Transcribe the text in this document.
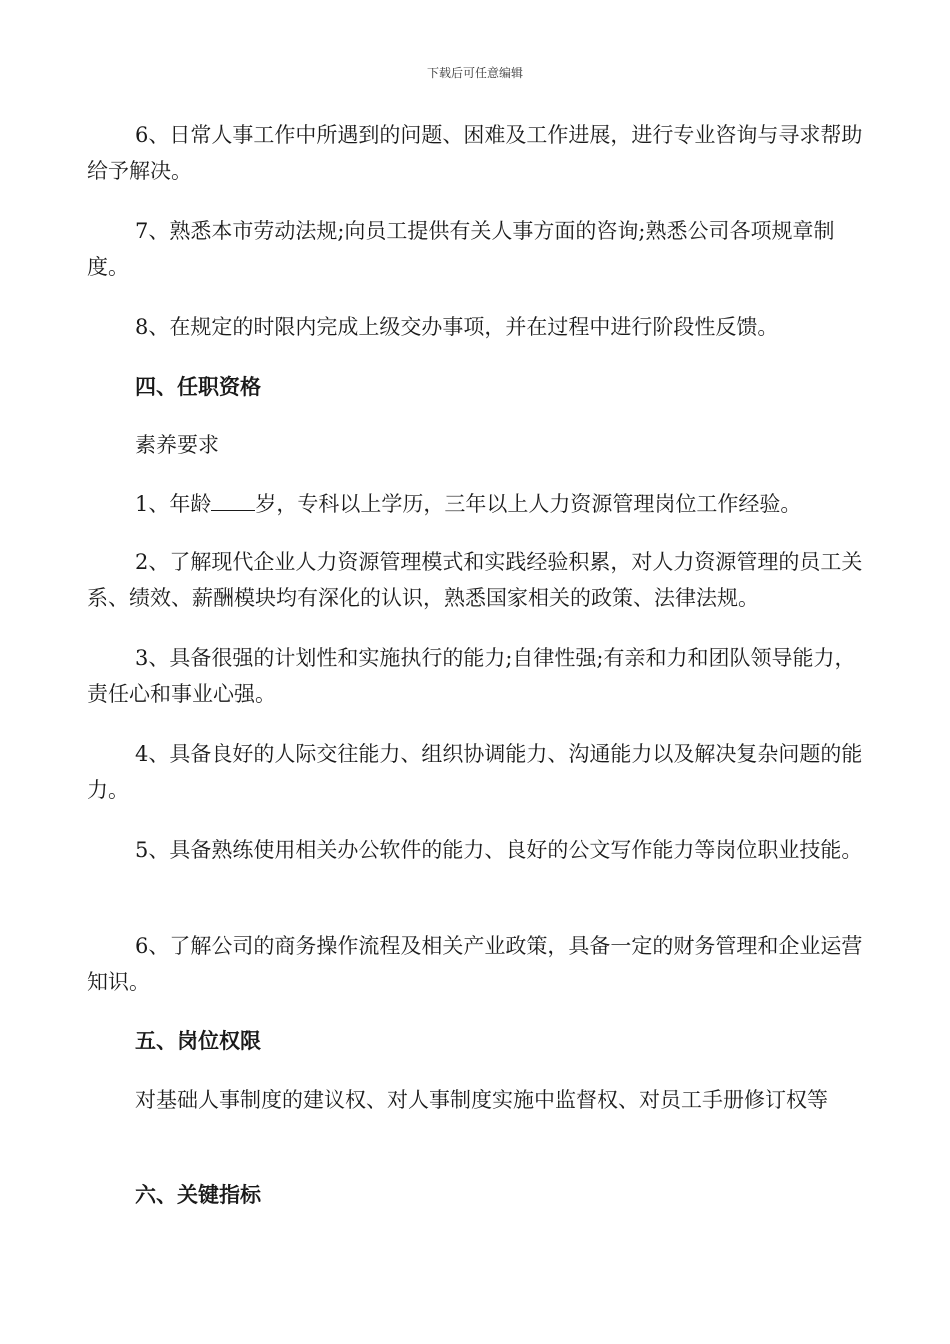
下载后可任意编辑

6、日常人事工作中所遇到的问题、困难及工作进展，进行专业咨询与寻求帮助给予解决。

7、熟悉本市劳动法规;向员工提供有关人事方面的咨询;熟悉公司各项规章制度。

8、在规定的时限内完成上级交办事项，并在过程中进行阶段性反馈。

四、任职资格

素养要求

1、年龄 岁，专科以上学历，三年以上人力资源管理岗位工作经验。

2、了解现代企业人力资源管理模式和实践经验积累，对人力资源管理的员工关系、绩效、薪酬模块均有深化的认识，熟悉国家相关的政策、法律法规。

3、具备很强的计划性和实施执行的能力;自律性强;有亲和力和团队领导能力，责任心和事业心强。

4、具备良好的人际交往能力、组织协调能力、沟通能力以及解决复杂问题的能力。

5、具备熟练使用相关办公软件的能力、良好的公文写作能力等岗位职业技能。

6、了解公司的商务操作流程及相关产业政策，具备一定的财务管理和企业运营知识。

五、岗位权限

对基础人事制度的建议权、对人事制度实施中监督权、对员工手册修订权等

六、关键指标
